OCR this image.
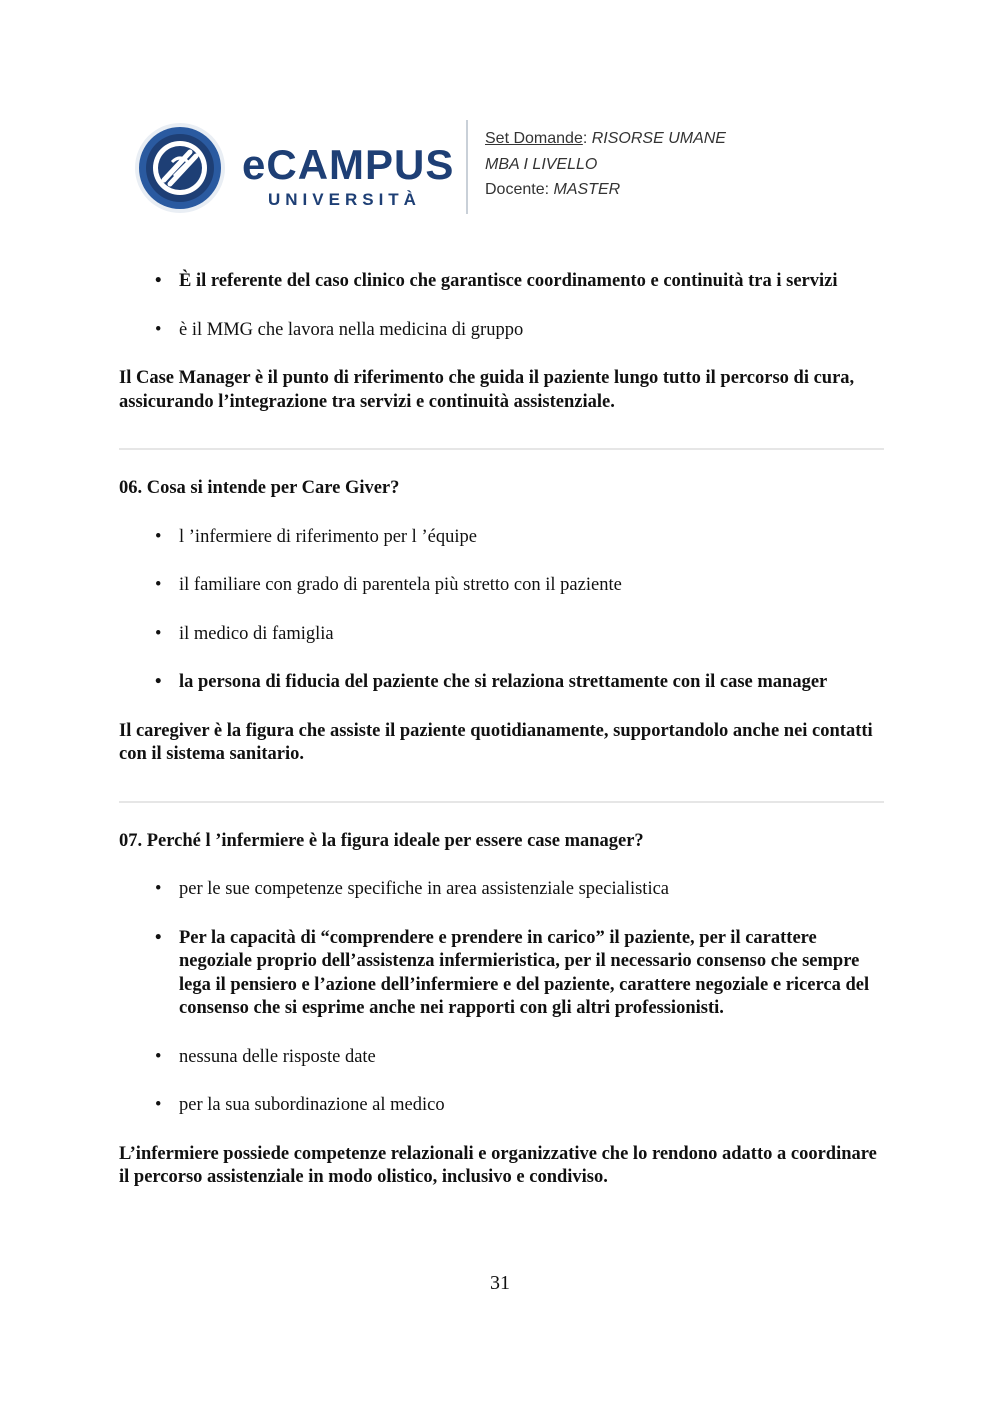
eCAMPUS
UNIVERSITÀ
Set Domande: RISORSE UMANE
MBA I LIVELLO
Docente: MASTER
• È il referente del caso clinico che garantisce coordinamento e continuità tra i servizi
• è il MMG che lavora nella medicina di gruppo

Il Case Manager è il punto di riferimento che guida il paziente lungo tutto il percorso di cura, assicurando l’integrazione tra servizi e continuità assistenziale.

06. Cosa si intende per Care Giver?

• l ’infermiere di riferimento per l ’équipe
• il familiare con grado di parentela più stretto con il paziente
• il medico di famiglia
• la persona di fiducia del paziente che si relaziona strettamente con il case manager

Il caregiver è la figura che assiste il paziente quotidianamente, supportandolo anche nei contatti con il sistema sanitario.

07. Perché l ’infermiere è la figura ideale per essere case manager?

• per le sue competenze specifiche in area assistenziale specialistica
• Per la capacità di “comprendere e prendere in carico” il paziente, per il carattere negoziale proprio dell’assistenza infermieristica, per il necessario consenso che sempre lega il pensiero e l’azione dell’infermiere e del paziente, carattere negoziale e ricerca del consenso che si esprime anche nei rapporti con gli altri professionisti.
• nessuna delle risposte date
• per la sua subordinazione al medico

L’infermiere possiede competenze relazionali e organizzative che lo rendono adatto a coordinare il percorso assistenziale in modo olistico, inclusivo e condiviso.

31
